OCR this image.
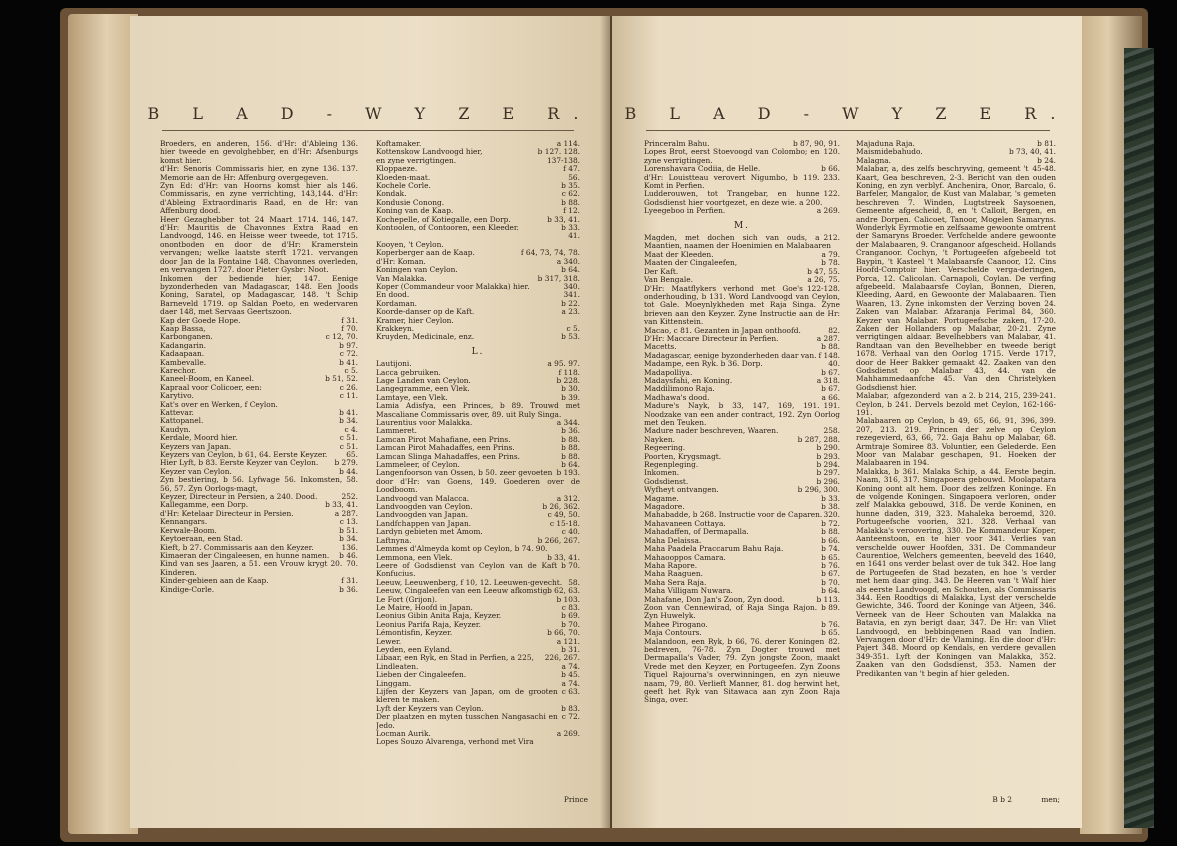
B L A D - W Y Z E R.
136.
Broeders, en anderen, 156. d'Hr: d'Ableing hier tweede en gevolghebber, en d'Hr: Afsenburgs komst hier.
136. 137.
d'Hr: Senoris Commissaris hier, en zyne Memorie aan de Hr: Affenburg overgegeven.
146.
Zyn Ed: d'Hr: van Hoorns komst hier als Commissaris, en zyne verrichting, 143,144. d'Hr: d'Ableing Extraordinaris Raad, en de Hr: van Affenburg dood.
146, 147.
Heer Gezaghebber tot 24 Maart 1714. d'Hr: Mauritis de Chavonnes Extra Raad en Landvoogd, 146. en Heisse weer tweede, tot 1715. onontboden en door de d'Hr: Kramerstein vervangen; welke laatste sterft 1721. vervangen door Jan de la Fontaine 148. Chavonnes overleden, en vervangen 1727. door Pieter Gysbr: Noot.
Inkomen der bediende hier, 147. Eenige byzonderheden van Madagascar, 148. Een Joods Koning, Saratel, op Madagascar, 148. 't Schip Barneveld 1719. op Saldan Poeto, en wedervaren daer 148, met Servaas Geertszoon.
f 31.
Kap der Goede Hope.
f 70.
Kaap Bassa,
c 12, 70.
Karbonganen.
b 97.
Kadangarin.
c 72.
Kadaapaan.
b 41.
Kambevalle.
c 5.
Karechor.
b 51, 52.
Kaneel-Boom, en Kaneel.
c 26.
Kapraal voor Colicoer, een:
c 11.
Karytivo.
Kat's over en Werken, f Ceylon.
b 41.
Kattevar.
b 34.
Kattopanel.
c 4.
Kaudyn.
c 51.
Kerdale, Moord hier.
c 51.
Keyzers van Japan.
65.
Keyzers van Ceylon, b 61, 64. Eerste Keyzer.
b 279.
Hier Lyft, b 83. Eerste Keyzer van Ceylon.
b 44.
Keyzer van Ceylon.
58.
Zyn bestiering, b 56. Lyfwage 56. Inkomsten, 56, 57. Zyn Oorlogs-magt,
252.
Keyzer, Directeur in Persien, a 240. Dood.
b 33, 41.
Kallegamme, een Dorp.
a 287.
d'Hr: Ketelaar Directeur in Persien.
c 13.
Kennangars.
b 51.
Kerwale-Boom.
b 34.
Keytoeraan, een Stad.
136.
Kieft, b 27. Commissaris aan den Keyzer.
b 46.
Kimaeran der Cingaleesen, en hunne namen.
70.
Kind van ses Jaaren, a 51. een Vrouw krygt 20. Kinderen.
f 31.
Kinder-gebieen aan de Kaap.
b 36.
Kindige-Corle.
a 114.
Koftamaker.
b 127. 128.
Kottenskow Landvoogd hier,
137-138.
en zyne verrigtingen.
f 47.
Kloppaeze.
56.
Kloeden-maat.
b 35.
Kochele Corle.
c 62.
Kondak.
b 88.
Kondusie Conong.
f 12.
Koning van de Kaap.
b 33, 41.
Kochepelle, of Kotiegalle, een Dorp.
b 33.
Kontoolen, of Contooren, een Kleeder.
41.
Kooyen, 't Ceylon.
f 64, 73, 74, 78.
Koperberger aan de Kaap.
a 340.
d'Hr: Koman.
b 64.
Koningen van Ceylon.
b 317, 318.
Van Malakka.
340.
Koper (Commandeur voor Malakka) hier.
341.
En dood.
b 22.
Kordaman.
a 23.
Koorde-danser op de Kaft.
Kramer, hier Ceylon.
c 5.
Krakkeyn.
b 53.
Kruyden, Medicinale, enz.
L.
a 95. 97.
Lautijoni.
f 118.
Lacca gebruiken.
b 228.
Lage Landen van Ceylon.
b 30.
Langegramme, een Vlek.
b 39.
Lamtaye, een Vlek.
Lamia Adisfya, een Princes, b 89. Trouwd met Mascaliane Commissaris over, 89. uit Ruly Singa.
a 344.
Laurentius voor Malakka.
b 36.
Lammeret.
b 88.
Lamcan Pirot Mahafiane, een Prins.
b 88.
Lamcan Pirot Mahadaffes, een Prins.
b 88.
Lamcan Slinga Mahadaffes, een Prins.
b 64.
Lammeleer, of Ceylon.
b 193.
Langenfoorson van Ossen, b 50. zeer gevoeten door d'Hr: van Goens, 149. Goederen over de Loodboom.
a 312.
Landvoogd van Malacca.
b 26, 362.
Landvoogden van Ceylon.
c 49, 50.
Landvoogden van Japan.
c 15-18.
Landfchappen van Japan.
c 40.
Lardyn gebieten met Amom.
b 266, 267.
Laftnyna.
Lemmes d'Almeyda komt op Ceylon, b 74. 90.
b 33, 41.
Lemmona, een Vlek.
b 70.
Leere of Godsdienst van Ceylon van de Kaft Konfucius.
58.
Leeuw, Leeuwenberg, f 10, 12. Leeuwen-gevecht.
b 62, 63.
Leeuw, Cingaleefen van een Leeuw afkomstig.
b 103.
Le Fort (Grijon).
c 83.
Le Maire, Hoofd in Japan.
b 69.
Leonius Gibin Anita Raja, Keyzer.
b 70.
Leonius Parifa Raja, Keyzer.
b 66, 70.
Lémontisfin, Keyzer.
a 121.
Lewer.
b 31.
Leyden, een Eyland.
226, 267.
Libaar, een Ryk, en Stad in Perfien, a 225,
a 74.
Lindleaten.
b 45.
Lieben der Cingaleefen.
a 74.
Linggam.
c 63.
Lijfen der Keyzers van Japan, om de grooten kleren te maken.
b 83.
Lyft der Keyzers van Ceylon.
c 72.
Der plaatzen en myten tusschen Nangasachi en Jedo.
a 269.
Locman Aurik.
Lopes Souzo Alvarenga, verhond met Vira
Prince
B L A D - W Y Z E R.
b 87, 90, 91.
Princeralm Bahu.
120.
Lopes Brot, eerst Stoevoogd van Colombo; en zyne verrigtingen.
b 66.
Lorenshavara Codiia, de Helle.
233.
d'Hr: Louistteau verovert Nigumbo, b 119. Komt in Perfien.
122.
Ludderouwen, tot Trangebar, en hunne Godsdienst hier voortgezet, en deze wie. a 200.
a 269.
Lyeegeboo in Perfien.
M.
212.
Magden, met dochen sich van ouds, a Maantien, naamen der Hoenimien en Malabaaren
a 79.
Maat der Kleeden.
b 78.
Maaten der Cingaleefen,
b 47, 55.
Der Kaft.
a 26, 75.
Van Bengale.
122-128.
D'Hr: Maatflykers verhond met Goe's onderhouding, b 131. Word Landvoogd van Ceylon, tot Gale. Moeynlykheden met Raja Singa. Zyne brieven aan den Keyzer. Zyne Instructie aan de Hr: van Kittenstein.
82.
Macao, c 81. Gezanten in Japan onthoofd.
a 287.
D'Hr: Maccare Directeur in Perfien.
b 88.
Macetts.
f 148.
Madagascar, eenige byzonderheden daar van.
40.
Madampe, een Ryk. b 36. Dorp.
b 67.
Madapolliya.
a 318.
Madaysfahi, en Koning.
b 67.
Maddilimono Raja.
a 66.
Madhawa's dood.
191.
Madure's Nayk, b 33, 147, 169, 191. Noodzake van een ander contract, 192. Zyn Oorlog met den Teuken.
258.
Madure nader beschreven, Waaren.
b 287, 288.
Nayken.
b 290.
Regeering.
b 293.
Poorten, Krygsmagt.
b 294.
Regenpleging.
b 297.
Inkomen.
b 296.
Godsdienst.
b 296, 300.
Wyfheyt ontvangen.
b 33.
Magame.
b 38.
Magadore.
320.
Mahabadde, b 268. Instructie voor de Caparen.
b 72.
Mahavaneen Cottaya.
b 88.
Mahadaffen, of Dermapalla.
b 66.
Maha Delaissa.
b 74.
Maha Paadela Praccarum Bahu Raja.
b 65.
Mahaooppos Camara.
b 76.
Maha Rapore.
b 67.
Maha Raaguen.
b 70.
Maha Sera Raja.
b 64.
Maha Villigam Nuwara.
b 113.
Mahafane, Don Jan's Zoon, Zyn dood.
b 89.
Zoon van Cennewirad, of Raja Singa Rajon. Zyn Huwelyk.
b 76.
Mahee Pirogano.
b 65.
Maja Contours.
82.
Malandoon, een Ryk, b 66, 76. derer Koningen bedreven, 76-78. Zyn Dogter trouwd met Dermapalla's Vader, 79. Zyn jongste Zoon, maakt Vrede met den Keyzer, en Portugeefen. Zyn Zoons Tiquel Rajourna's overwinningen, en zyn nieuwe naam, 79, 80. Verlieft Manner, 81. dog herwint het, geeft het Ryk van Sitawaca aan zyn Zoon Raja Singa, over.
b 81.
Majaduna Raja.
b 73, 40, 41.
Maismidebahudo.
b 24.
Malagna.
45-48.
Malabar, a, des zelfs beschryving, gemeent 't Kaart, Gea beschreven, 2-3. Bericht van den ouden Koning, en zyn verblyf. Anchenira, Onor, Barcalo, 6. Barfeler, Mangalor, de Kust van Malabar, 's gemeten beschreven 7. Winden, Lugtstreek Saysoenen, Gemeente afgescheid, 8, en 't Calloit, Bergen, en andre Dorpen. Calicoet, Tanoor, Mogelen Samaryns. Wonderlyk Eyrmotie en zelfsaame gewoonte omtrent der Samaryns Broeder. Verfchelde andere gewoonte der Malabaaren, 9. Cranganoor afgescheid. Hollands Cranganoor. Cochyn, 't Portugeefen afgebeeld tot Baypin, 't Kasteel 't Malabaarsfe Caanoor, 12. Cins Hoofd-Comptoir hier. Verschelde verga-deringen, Porca, 12. Calicolan. Carnapoli, Coylan. De verfing afgebeeld. Malabaarsfe Coylan, Bonnen, Dieren, Kleeding, Aard, en Gewoonte der Malabaaren. Tien Waaren, 13. Zyne inkomsten der Verzing boven 24. Zaken van Malabar. Afzaranja Ferimal 84, 360. Keyzer van Malabar. Portugeefsche zaken, 17-20. Zaken der Hollanders op Malabar, 20-21. Zyne verrigtingen aldaar. Bevelhebbers van Malabar, 41. Randtaan van den Bevelhebber en tweede berigt 1678. Verhaal van den Oorlog 1715. Verde 1717, door de Heer Bakker gemaakt 42. Zaaken van den Godsdienst op Malabar 43, 44. van de Mahhammedaanfche 45. Van den Christelyken Godsdienst hier.
a 2. b 214, 215, 239-241.
Malabar, afgezonderd van Ceylon, b 241. Dervels bezold met Ceylon, 162-166-191.
396, 399.
Malabaaren op Ceylon, b 49, 65, 66, 91, 207, 213. 219. Princen der zelve op Ceylon rezegevierd, 63, 66, 72. Gaja Bahu op Malabar, 68. Armtraje Somiree 83. Voluntier, een Gelederde. Een Moor van Malabar geschapen, 91. Hoeken der Malabaaren in 194.
Malakka, b 361. Malaka Schip, a 44. Eerste begin. Naam, 316, 317. Singapoera gebouwd. Moolapatara Koning oont alt hem. Door des zelfzen Koninge. En de volgende Koningen. Singapoera verloren, onder zelf Malakka gebouwd, 318. De verde Koninen, en hunne daden, 319, 323. Mahaleka beroemd, 320. Portugeefsche voorien, 321. 328. Verhaal van Malakka's veroovering, 330. De Kommandeur Koper, Aanteenstoon, en te hier voor 341. Verlies van verschelde ouwer Hoofden, 331. De Commandeur Caurentioe, Welchers gemeenten, beeveld des 1640, en 1641 ons verder belast over de tuk 342. Hoe lang de Portugeefen de Stad bezaten, en hoe 's verder met hem daar ging. 343. De Heeren van 't Walf hier als eerste Landvoogd, en Schouten, als Commissaris 344. Een Roodtigs di Malakka, Lyst der verschelde Gewichte, 346. Toord der Koninge van Atjeen, 346. Verneek van de Heer Schouten van Malakka na Batavia, en zyn berigt daar, 347. De Hr: van Vliet Landvoogd, en bebbingenen Raad van Indien. Vervangen door d'Hr: de Vlaming. En die door d'Hr: Pajert 348. Moord op Kendals, en verdere gevallen 349-351. Lyft der Koningen van Malakka, 352. Zaaken van den Godsdienst, 353. Namen der Predikanten van 't begin af hier geleden.
B b 2	men;
